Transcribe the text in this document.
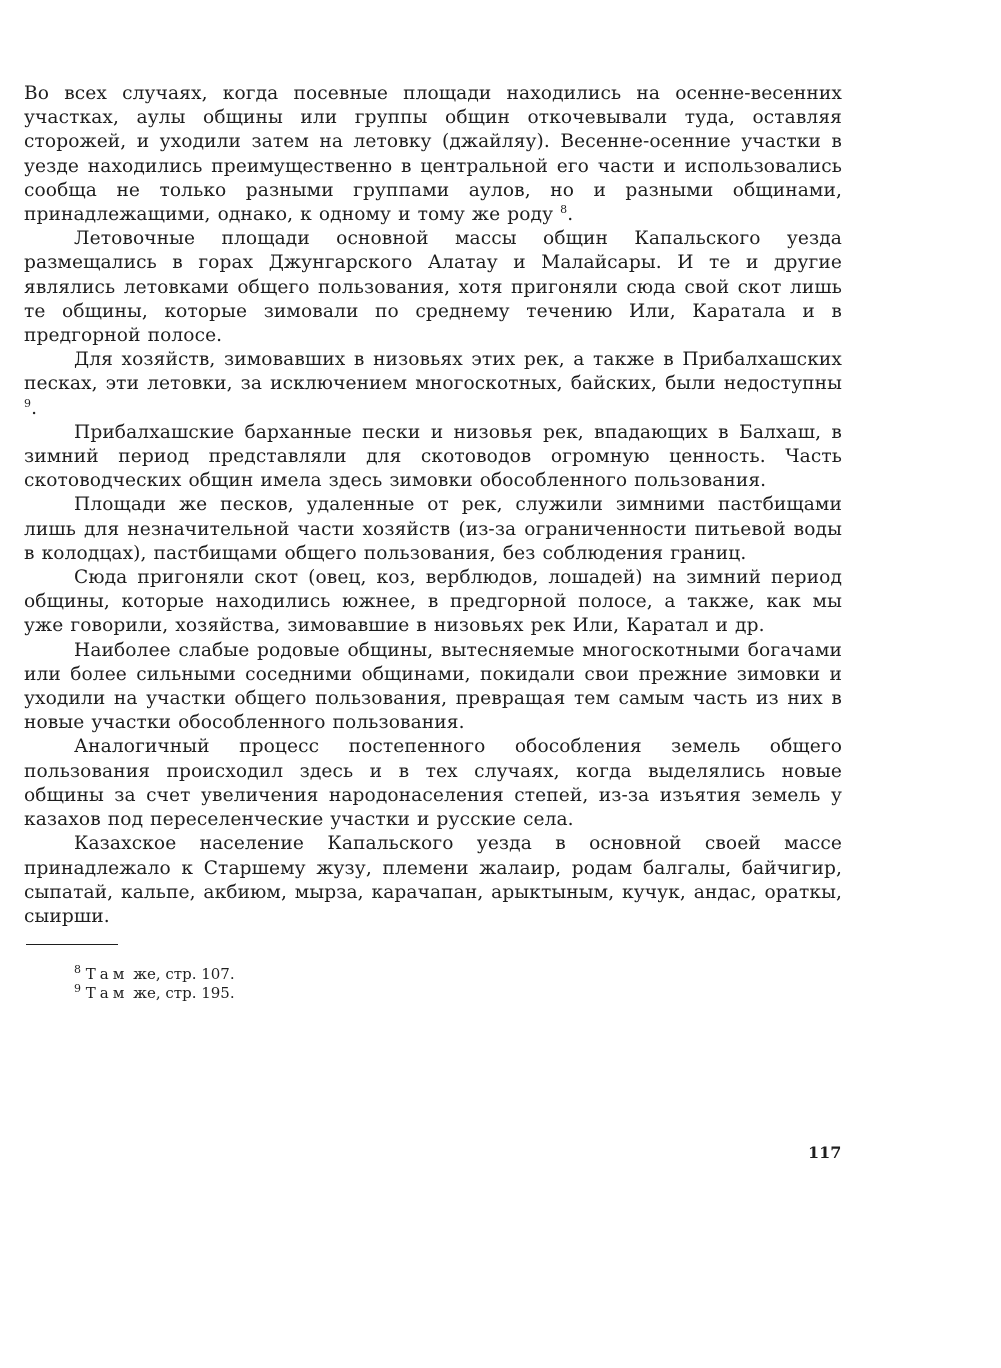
Во всех случаях, когда посевные площади находились на осенне-весенних участках, аулы общины или группы общин откочевывали туда, оставляя сторожей, и уходили затем на летовку (джайляу). Весенне-осенние участки в уезде находились преимущественно в центральной его части и использовались сообща не только разными группами аулов, но и разными общинами, принадлежащими, однако, к одному и тому же роду $^8$.

Летовочные площади основной массы общин Капальского уезда размещались в горах Джунгарского Алатау и Малайсары. И те и другие являлись летовками общего пользования, хотя пригоняли сюда свой скот лишь те общины, которые зимовали по среднему течению Или, Каратала и в предгорной полосе.

Для хозяйств, зимовавших в низовьях этих рек, а также в Прибалхашских песках, эти летовки, за исключением многоскотных, байских, были недоступны $^9$.

Прибалхашские барханные пески и низовья рек, впадающих в Балхаш, в зимний период представляли для скотоводов огромную ценность. Часть скотоводческих общин имела здесь зимовки обособленного пользования.

Площади же песков, удаленные от рек, служили зимними пастбищами лишь для незначительной части хозяйств (из-за ограниченности питьевой воды в колодцах), пастбищами общего пользования, без соблюдения границ.

Сюда пригоняли скот (овец, коз, верблюдов, лошадей) на зимний период общины, которые находились южнее, в предгорной полосе, а также, как мы уже говорили, хозяйства, зимовавшие в низовьях рек Или, Каратал и др.

Наиболее слабые родовые общины, вытесняемые многоскотными богачами или более сильными соседними общинами, покидали свои прежние зимовки и уходили на участки общего пользования, превращая тем самым часть из них в новые участки обособленного пользования.

Аналогичный процесс постепенного обособления земель общего пользования происходил здесь и в тех случаях, когда выделялись новые общины за счет увеличения народонаселения степей, из-за изъятия земель у казахов под переселенческие участки и русские села.

Казахское население Капальского уезда в основной своей массе принадлежало к Старшему жузу, племени жалаир, родам балгалы, байчигир, сыпатай, кальпе, акбиюм, мырза, карачапан, арыктыным, кучук, андас, ораткы, сыирши.

$^8$ Там же, стр. 107.
$^9$ Там же, стр. 195.
117
